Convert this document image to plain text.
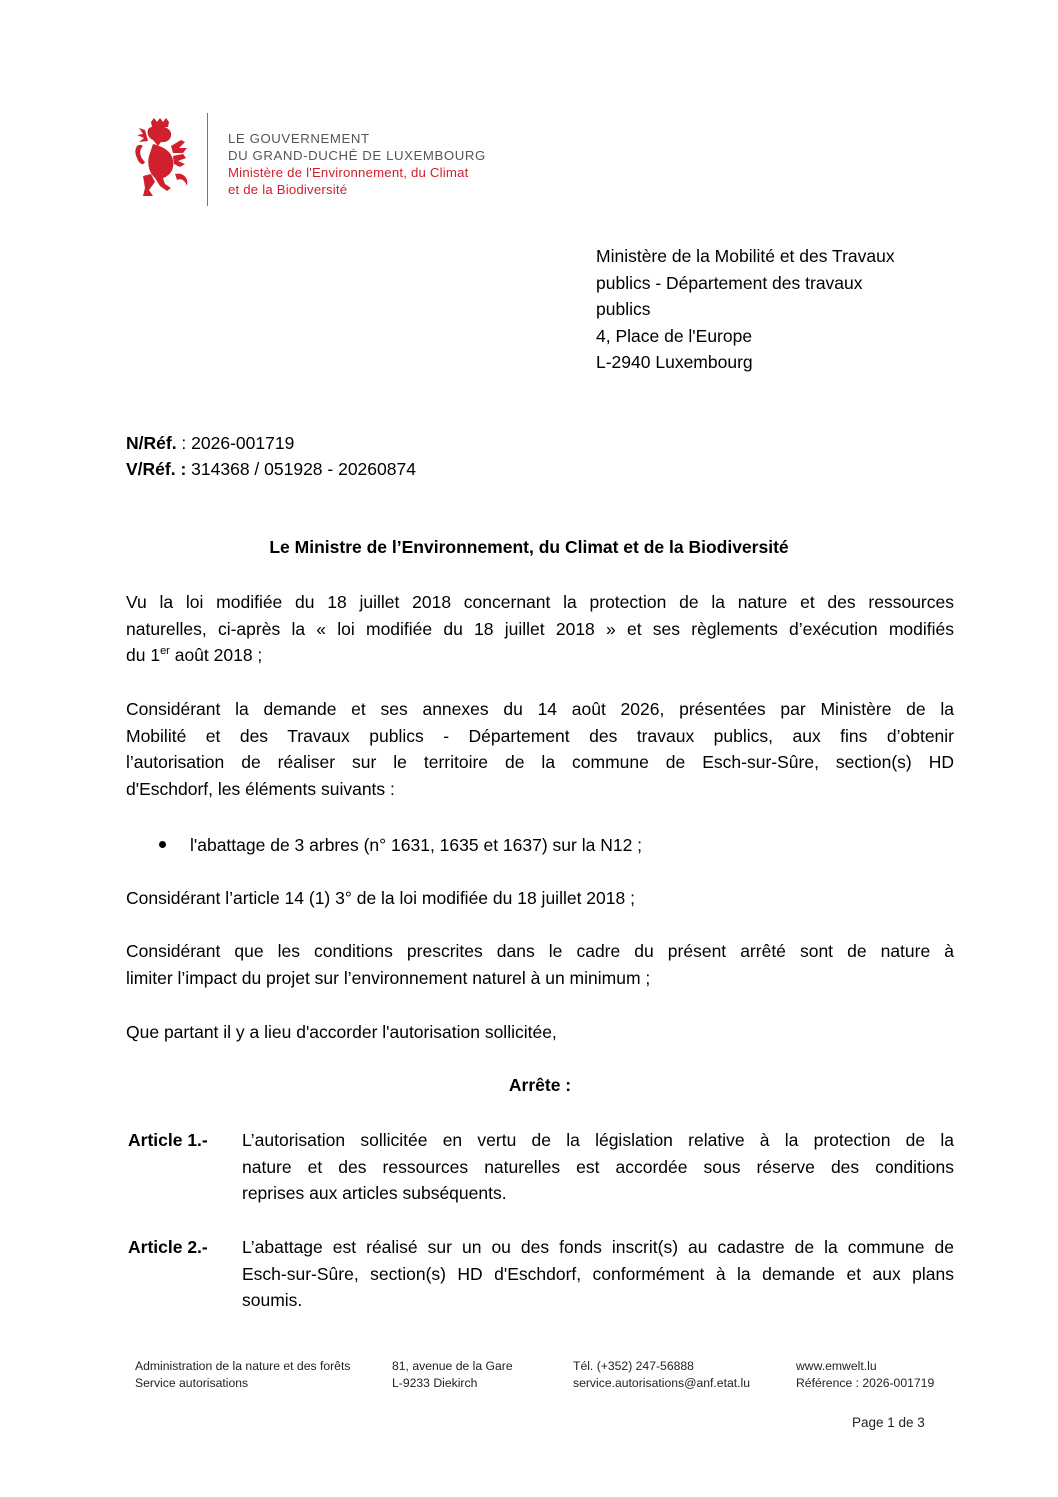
LE GOUVERNEMENT
DU GRAND-DUCHÉ DE LUXEMBOURG
Ministère de l'Environnement, du Climat
et de la Biodiversité
Ministère de la Mobilité et des Travaux
publics - Département des travaux
publics
4, Place de l'Europe
L-2940 Luxembourg
N/Réf. : 2026-001719
V/Réf. : 314368 / 051928 - 20260874
Le Ministre de l’Environnement, du Climat et de la Biodiversité
Vu la loi modifiée du 18 juillet 2018 concernant la protection de la nature et des ressources
naturelles, ci-après la « loi modifiée du 18 juillet 2018 » et ses règlements d’exécution modifiés
du 1er août 2018 ;
Considérant la demande et ses annexes du 14 août 2026, présentées par Ministère de la
Mobilité et des Travaux publics - Département des travaux publics, aux fins d’obtenir
l’autorisation de réaliser sur le territoire de la commune de Esch-sur-Sûre, section(s) HD
d'Eschdorf, les éléments suivants :
l'abattage de 3 arbres (n° 1631, 1635 et 1637) sur la N12 ;
Considérant l’article 14 (1) 3° de la loi modifiée du 18 juillet 2018 ;
Considérant que les conditions prescrites dans le cadre du présent arrêté sont de nature à
limiter l’impact du projet sur l’environnement naturel à un minimum ;
Que partant il y a lieu d'accorder l'autorisation sollicitée,
Arrête :
Article 1.- L’autorisation sollicitée en vertu de la législation relative à la protection de la
nature et des ressources naturelles est accordée sous réserve des conditions
reprises aux articles subséquents.
Article 2.- L’abattage est réalisé sur un ou des fonds inscrit(s) au cadastre de la commune de
Esch-sur-Sûre, section(s) HD d'Eschdorf, conformément à la demande et aux plans
soumis.
Administration de la nature et des forêts
Service autorisations
81, avenue de la Gare
L-9233 Diekirch
Tél. (+352) 247-56888
service.autorisations@anf.etat.lu
www.emwelt.lu
Référence : 2026-001719
Page 1 de 3
